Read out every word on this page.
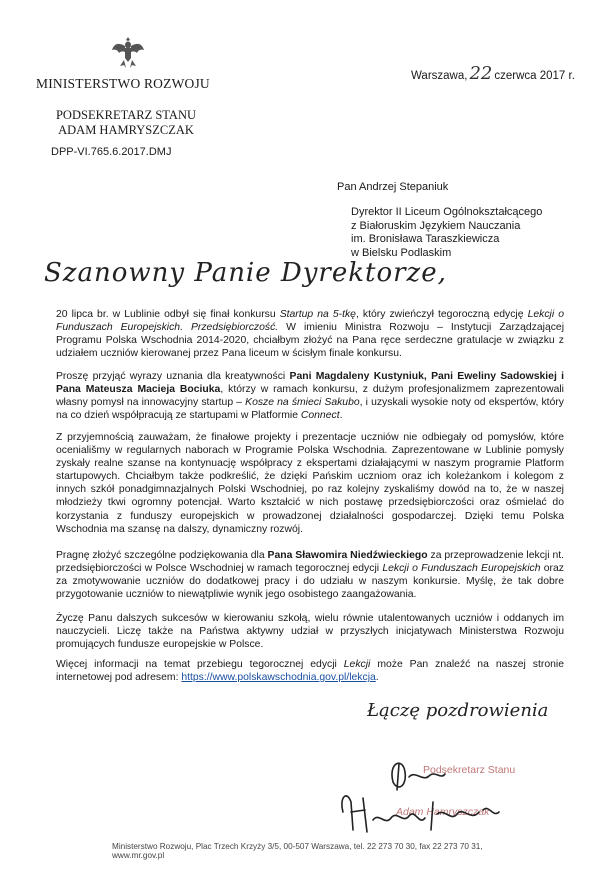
MINISTERSTWO ROZWOJU
PODSEKRETARZ STANU
ADAM HAMRYSZCZAK
DPP-VI.765.6.2017.DMJ
Warszawa, 22 czerwca 2017 r.
Pan Andrzej Stepaniuk
Dyrektor II Liceum Ogólnokształcącego
z Białoruskim Językiem Nauczania
im. Bronisława Taraszkiewicza
w Bielsku Podlaskim
Szanowny Panie Dyrektorze,

20 lipca br. w Lublinie odbył się finał konkursu Startup na 5-tkę, który zwieńczył tegoroczną edycję Lekcji o Funduszach Europejskich. Przedsiębiorczość. W imieniu Ministra Rozwoju – Instytucji Zarządzającej Programu Polska Wschodnia 2014-2020, chciałbym złożyć na Pana ręce serdeczne gratulacje w związku z udziałem uczniów kierowanej przez Pana liceum w ścisłym finale konkursu.

Proszę przyjąć wyrazy uznania dla kreatywności Pani Magdaleny Kustyniuk, Pani Eweliny Sadowskiej i Pana Mateusza Macieja Bociuka, którzy w ramach konkursu, z dużym profesjonalizmem zaprezentowali własny pomysł na innowacyjny startup – Kosze na śmieci Sakubo, i uzyskali wysokie noty od ekspertów, który na co dzień współpracują ze startupami w Platformie Connect.

Z przyjemnością zauważam, że finałowe projekty i prezentacje uczniów nie odbiegały od pomysłów, które oceniališmy w regularnych naborach w Programie Polska Wschodnia. Zaprezentowane w Lublinie pomysły zyskały realne szanse na kontynuację współpracy z ekspertami działającymi w naszym programie Platform startupowych. Chciałbym także podkreślić, że dzięki Pańskim uczniom oraz ich koleżankom i kolegom z innych szkół ponadgimnazjalnych Polski Wschodniej, po raz kolejny zyskaliśmy dowód na to, że w naszej młodzieży tkwi ogromny potencjał. Warto kształcić w nich postawę przedsiębiorczości oraz ośmielać do korzystania z funduszy europejskich w prowadzonej działalności gospodarczej. Dzięki temu Polska Wschodnia ma szansę na dalszy, dynamiczny rozwój.

Pragnę złożyć szczególne podziękowania dla Pana Sławomira Niedźwieckiego za przeprowadzenie lekcji nt. przedsiębiorczości w Polsce Wschodniej w ramach tegorocznej edycji Lekcji o Funduszach Europejskich oraz za zmotywowanie uczniów do dodatkowej pracy i do udziału w naszym konkursie. Myślę, że tak dobre przygotowanie uczniów to niewątpliwie wynik jego osobistego zaangażowania.

Życzę Panu dalszych sukcesów w kierowaniu szkołą, wielu równie utalentowanych uczniów i oddanych im nauczycieli. Liczę także na Państwa aktywny udział w przyszłych inicjatywach Ministerstwa Rozwoju promujących fundusze europejskie w Polsce.

Więcej informacji na temat przebiegu tegorocznej edycji Lekcji może Pan znaleźć na naszej stronie internetowej pod adresem: https://www.polskawschodnia.gov.pl/lekcja.

Łączę pozdrowienia
Podsekretarz Stanu
Adam Hamryszczak
Ministerstwo Rozwoju, Plac Trzech Krzyży 3/5, 00-507 Warszawa, tel. 22 273 70 30, fax 22 273 70 31, www.mr.gov.pl
